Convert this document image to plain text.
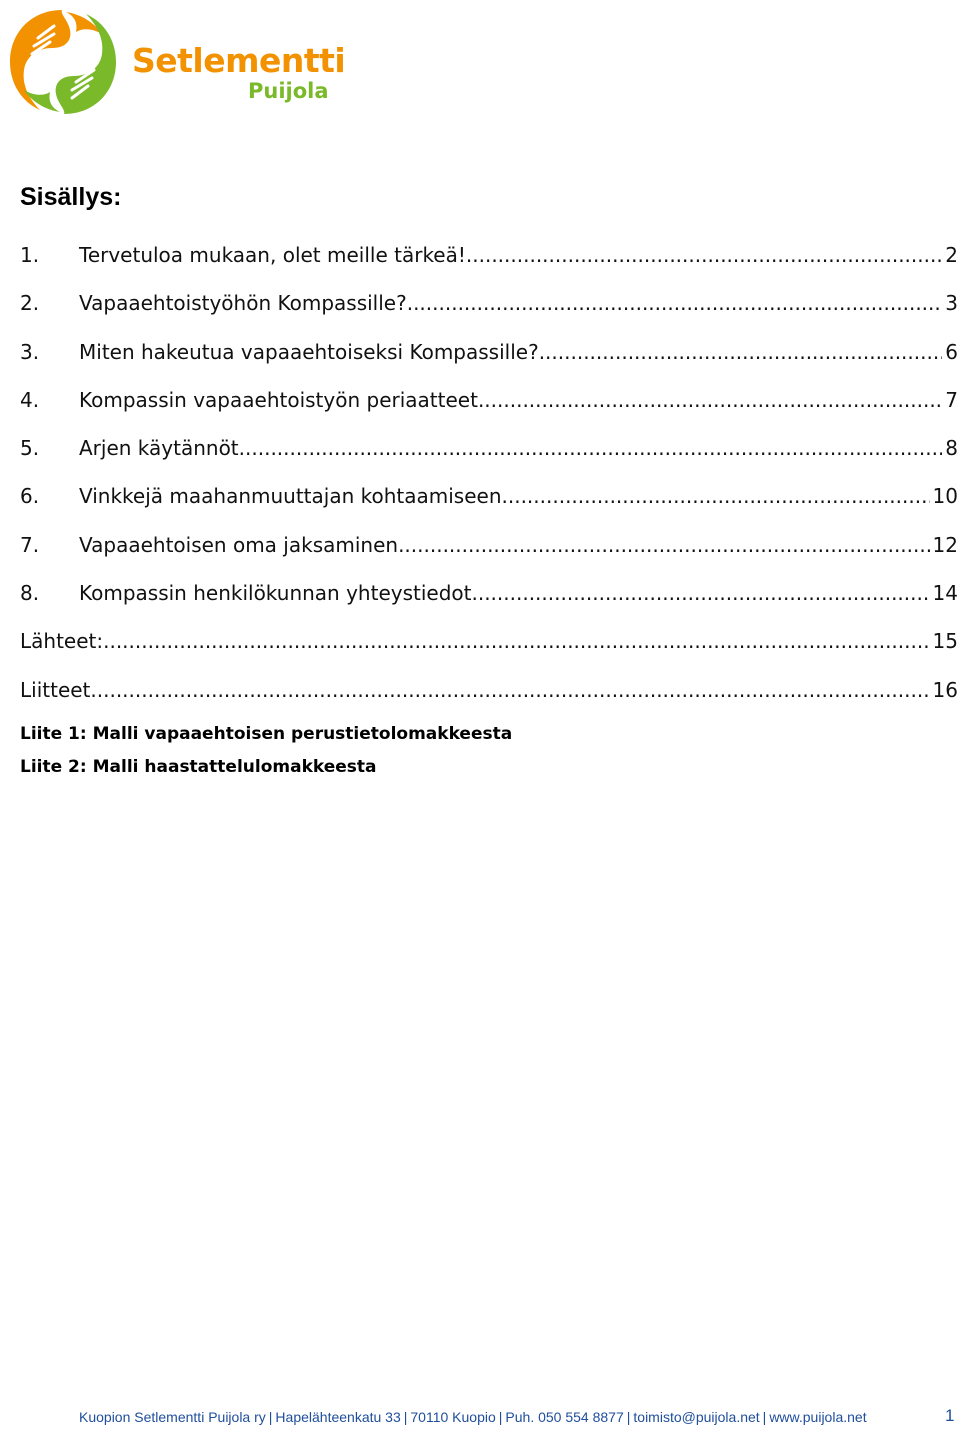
Setlementti
Puijola
Sisällys:
1.	Tervetuloa mukaan, olet meille tärkeä! .....	2
2.	Vapaaehtoistyöhön Kompassille? .....	3
3.	Miten hakeutua vapaaehtoiseksi Kompassille? .....	6
4.	Kompassin vapaaehtoistyön periaatteet .....	7
5.	Arjen käytännöt .....	8
6.	Vinkkejä maahanmuuttajan kohtaamiseen .....	10
7.	Vapaaehtoisen oma jaksaminen .....	12
8.	Kompassin henkilökunnan yhteystiedot .....	14
Lähteet: .....	15
Liitteet .....	16

Liite 1: Malli vapaaehtoisen perustietolomakkeesta

Liite 2: Malli haastattelulomakkeesta

Kuopion Setlementti Puijola ry | Hapelähteenkatu 33 | 70110 Kuopio | Puh. 050 554 8877 | toimisto@puijola.net | www.puijola.net	1
